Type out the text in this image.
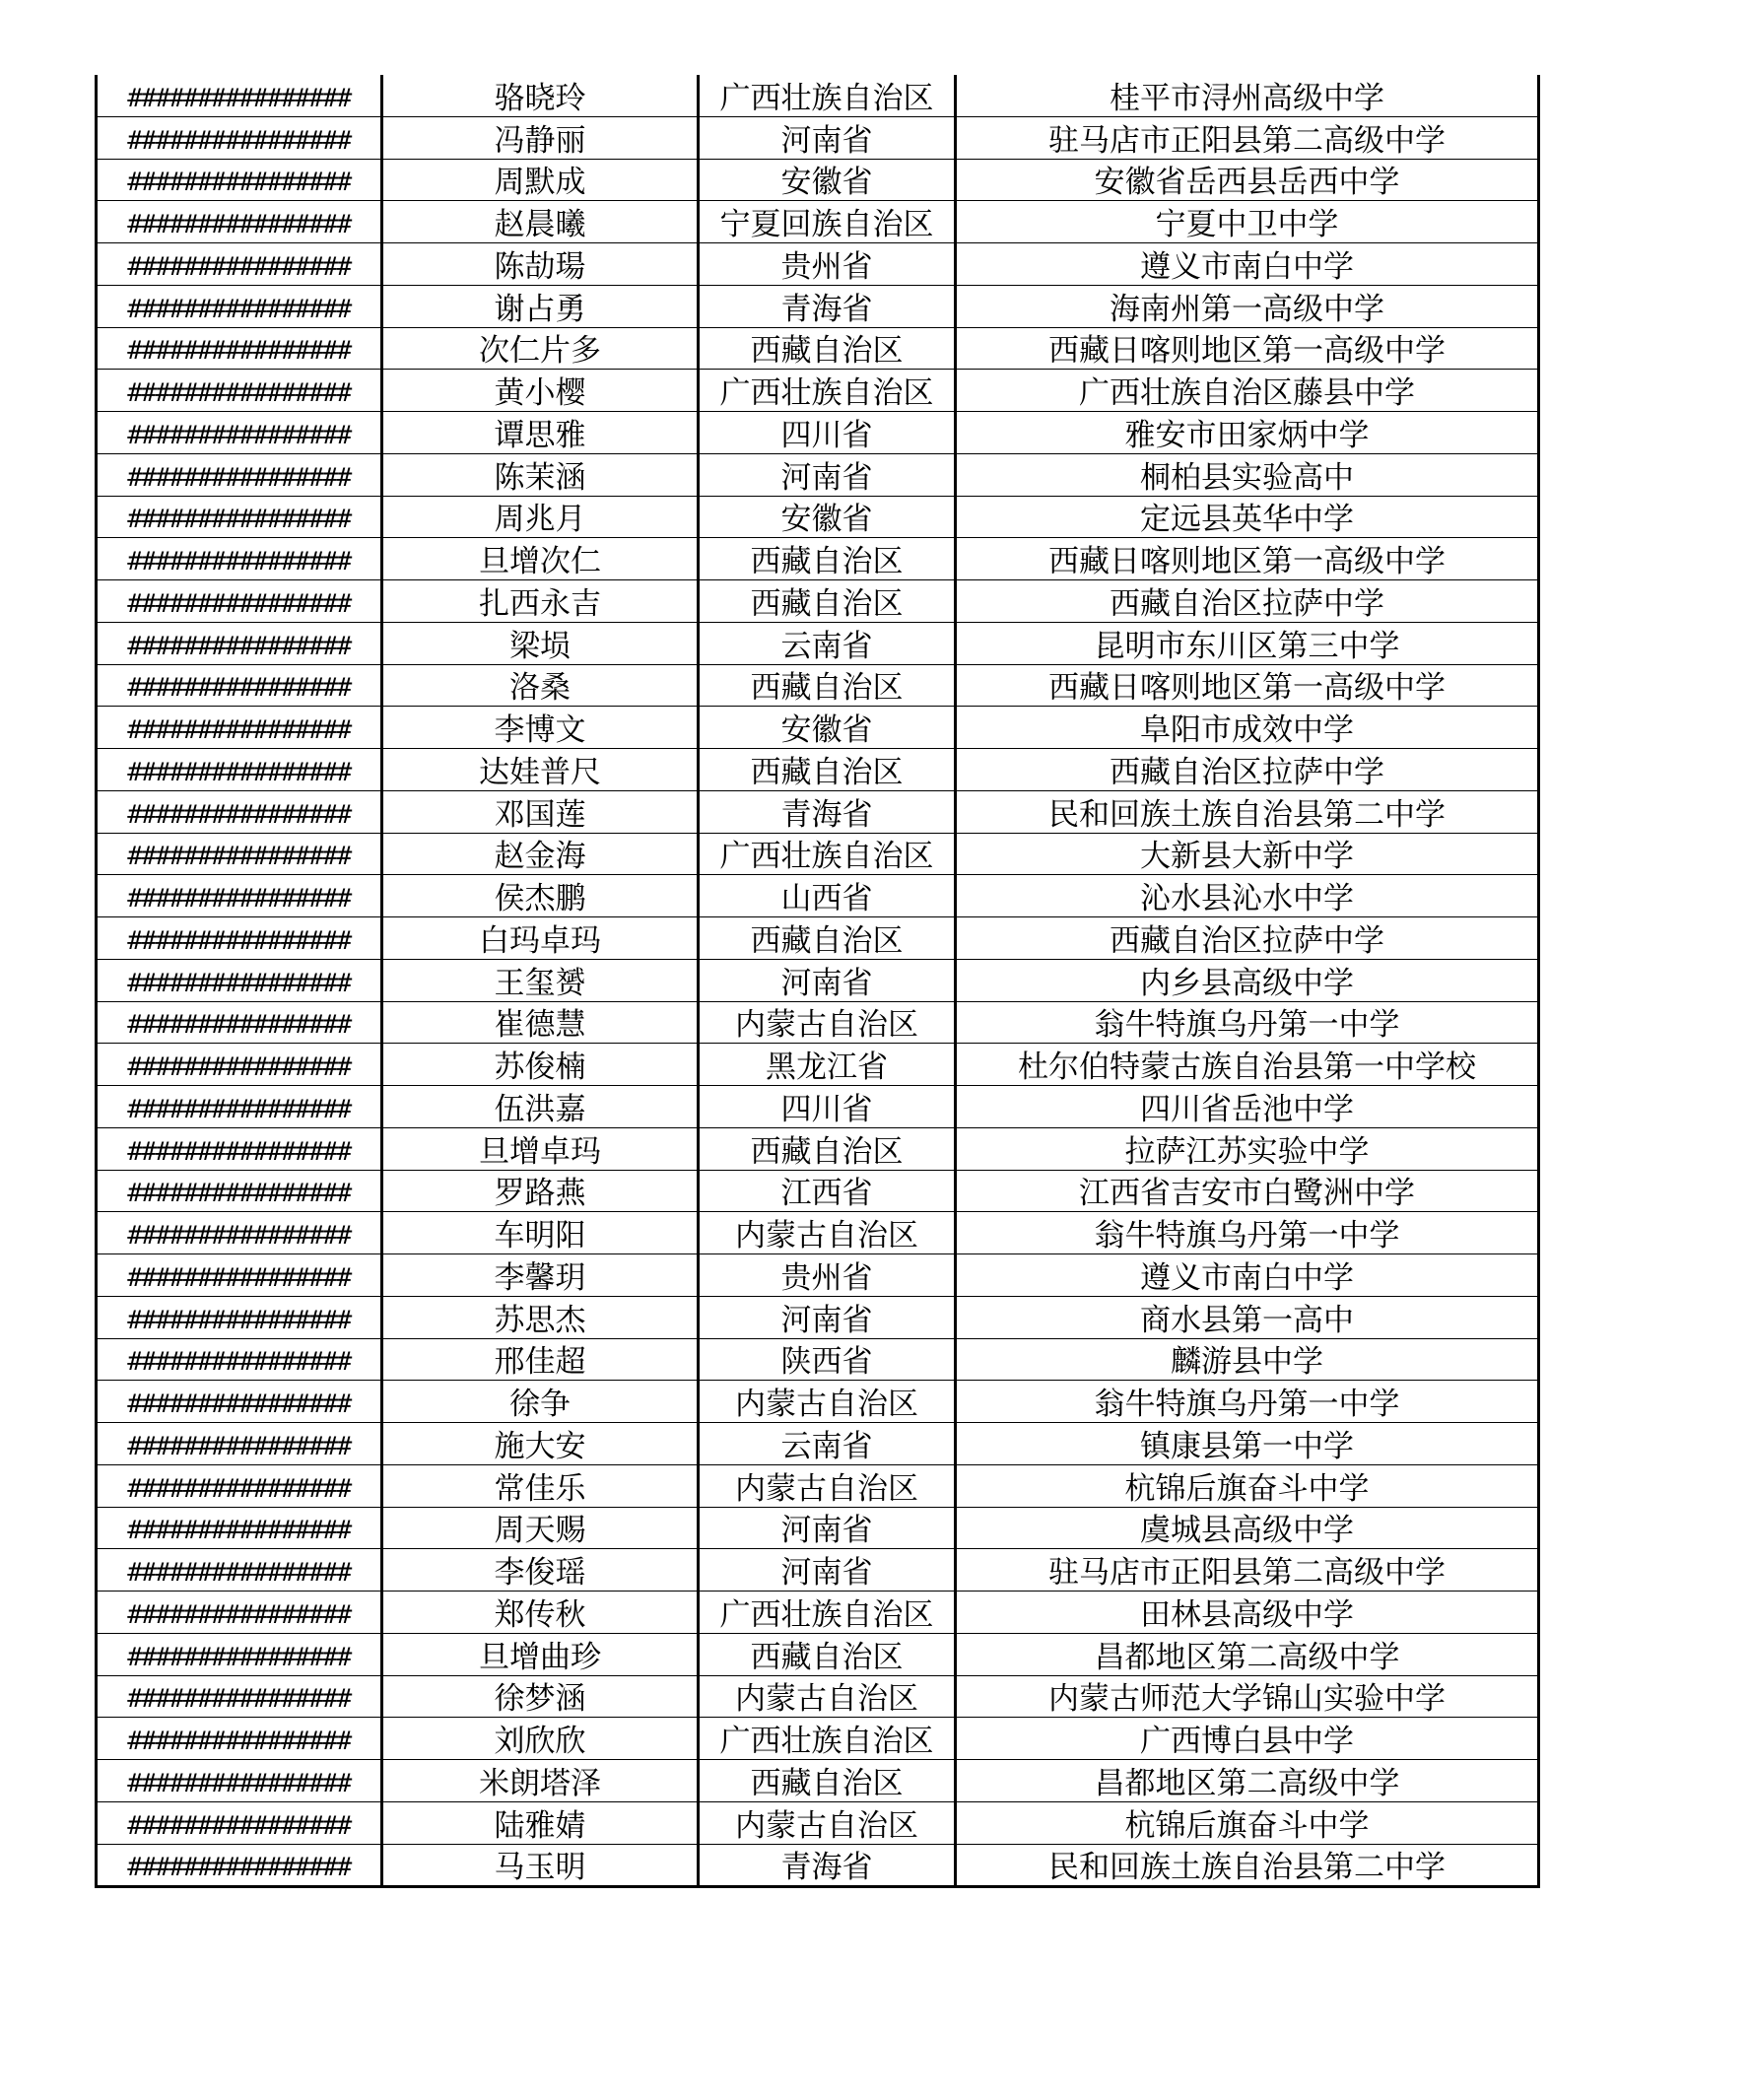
################	骆晓玲	广西壮族自治区	桂平市浔州高级中学
################	冯静丽	河南省	驻马店市正阳县第二高级中学
################	周默成	安徽省	安徽省岳西县岳西中学
################	赵晨曦	宁夏回族自治区	宁夏中卫中学
################	陈劼瑒	贵州省	遵义市南白中学
################	谢占勇	青海省	海南州第一高级中学
################	次仁片多	西藏自治区	西藏日喀则地区第一高级中学
################	黄小樱	广西壮族自治区	广西壮族自治区藤县中学
################	谭思雅	四川省	雅安市田家炳中学
################	陈茉涵	河南省	桐柏县实验高中
################	周兆月	安徽省	定远县英华中学
################	旦增次仁	西藏自治区	西藏日喀则地区第一高级中学
################	扎西永吉	西藏自治区	西藏自治区拉萨中学
################	梁埙	云南省	昆明市东川区第三中学
################	洛桑	西藏自治区	西藏日喀则地区第一高级中学
################	李博文	安徽省	阜阳市成效中学
################	达娃普尺	西藏自治区	西藏自治区拉萨中学
################	邓国莲	青海省	民和回族土族自治县第二中学
################	赵金海	广西壮族自治区	大新县大新中学
################	侯杰鹏	山西省	沁水县沁水中学
################	白玛卓玛	西藏自治区	西藏自治区拉萨中学
################	王玺赟	河南省	内乡县高级中学
################	崔德慧	内蒙古自治区	翁牛特旗乌丹第一中学
################	苏俊楠	黑龙江省	杜尔伯特蒙古族自治县第一中学校
################	伍洪嘉	四川省	四川省岳池中学
################	旦增卓玛	西藏自治区	拉萨江苏实验中学
################	罗路燕	江西省	江西省吉安市白鹭洲中学
################	车明阳	内蒙古自治区	翁牛特旗乌丹第一中学
################	李馨玥	贵州省	遵义市南白中学
################	苏思杰	河南省	商水县第一高中
################	邢佳超	陕西省	麟游县中学
################	徐争	内蒙古自治区	翁牛特旗乌丹第一中学
################	施大安	云南省	镇康县第一中学
################	常佳乐	内蒙古自治区	杭锦后旗奋斗中学
################	周天赐	河南省	虞城县高级中学
################	李俊瑶	河南省	驻马店市正阳县第二高级中学
################	郑传秋	广西壮族自治区	田林县高级中学
################	旦增曲珍	西藏自治区	昌都地区第二高级中学
################	徐梦涵	内蒙古自治区	内蒙古师范大学锦山实验中学
################	刘欣欣	广西壮族自治区	广西博白县中学
################	米朗塔泽	西藏自治区	昌都地区第二高级中学
################	陆雅婧	内蒙古自治区	杭锦后旗奋斗中学
################	马玉明	青海省	民和回族土族自治县第二中学
